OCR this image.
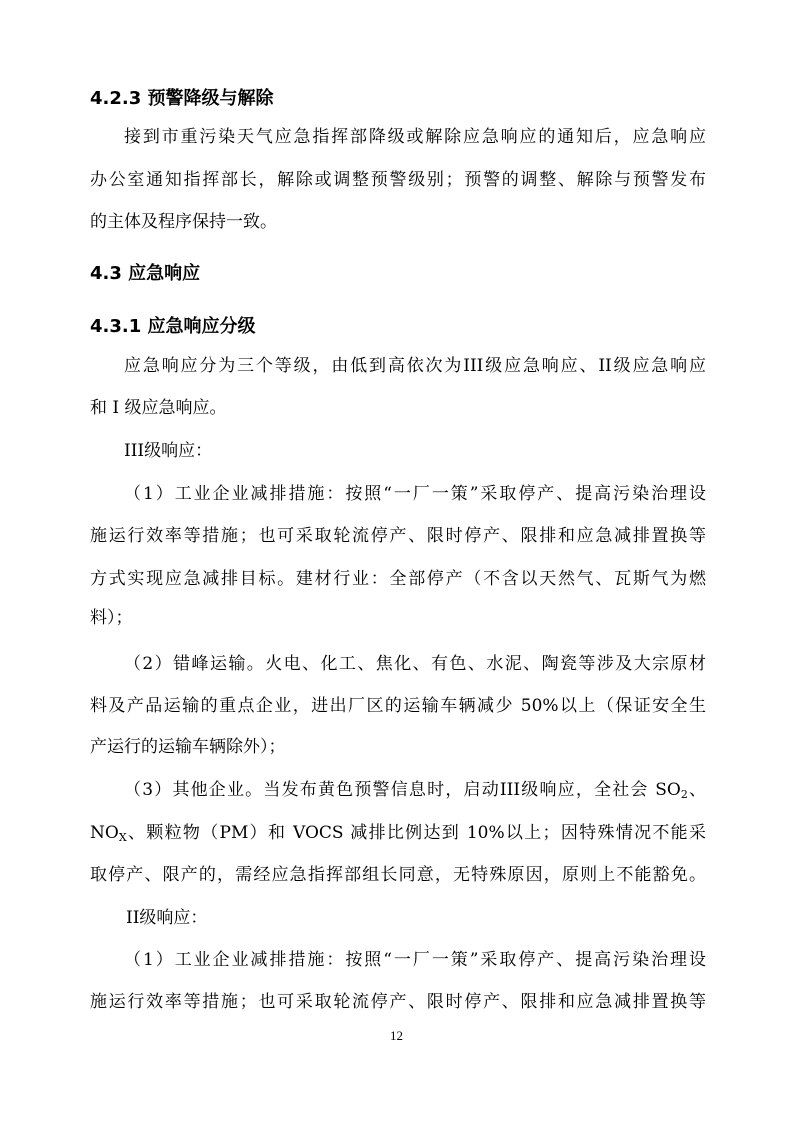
4.2.3 预警降级与解除
接到市重污染天气应急指挥部降级或解除应急响应的通知后，应急响应
办公室通知指挥部长，解除或调整预警级别；预警的调整、解除与预警发布
的主体及程序保持一致。
4.3 应急响应
4.3.1 应急响应分级
应急响应分为三个等级，由低到高依次为III级应急响应、II级应急响应
和 I 级应急响应。
III级响应：
（1）工业企业减排措施：按照“一厂一策”采取停产、提高污染治理设
施运行效率等措施；也可采取轮流停产、限时停产、限排和应急减排置换等
方式实现应急减排目标。建材行业：全部停产（不含以天然气、瓦斯气为燃
料）；
（2）错峰运输。火电、化工、焦化、有色、水泥、陶瓷等涉及大宗原材
料及产品运输的重点企业，进出厂区的运输车辆减少 50%以上（保证安全生
产运行的运输车辆除外）；
（3）其他企业。当发布黄色预警信息时，启动III级响应，全社会 $SO_2$、
$NO_X$、颗粒物（PM）和 VOCS 减排比例达到 10%以上；因特殊情况不能采
取停产、限产的，需经应急指挥部组长同意，无特殊原因，原则上不能豁免。
II级响应：
（1）工业企业减排措施：按照“一厂一策”采取停产、提高污染治理设
施运行效率等措施；也可采取轮流停产、限时停产、限排和应急减排置换等
12
